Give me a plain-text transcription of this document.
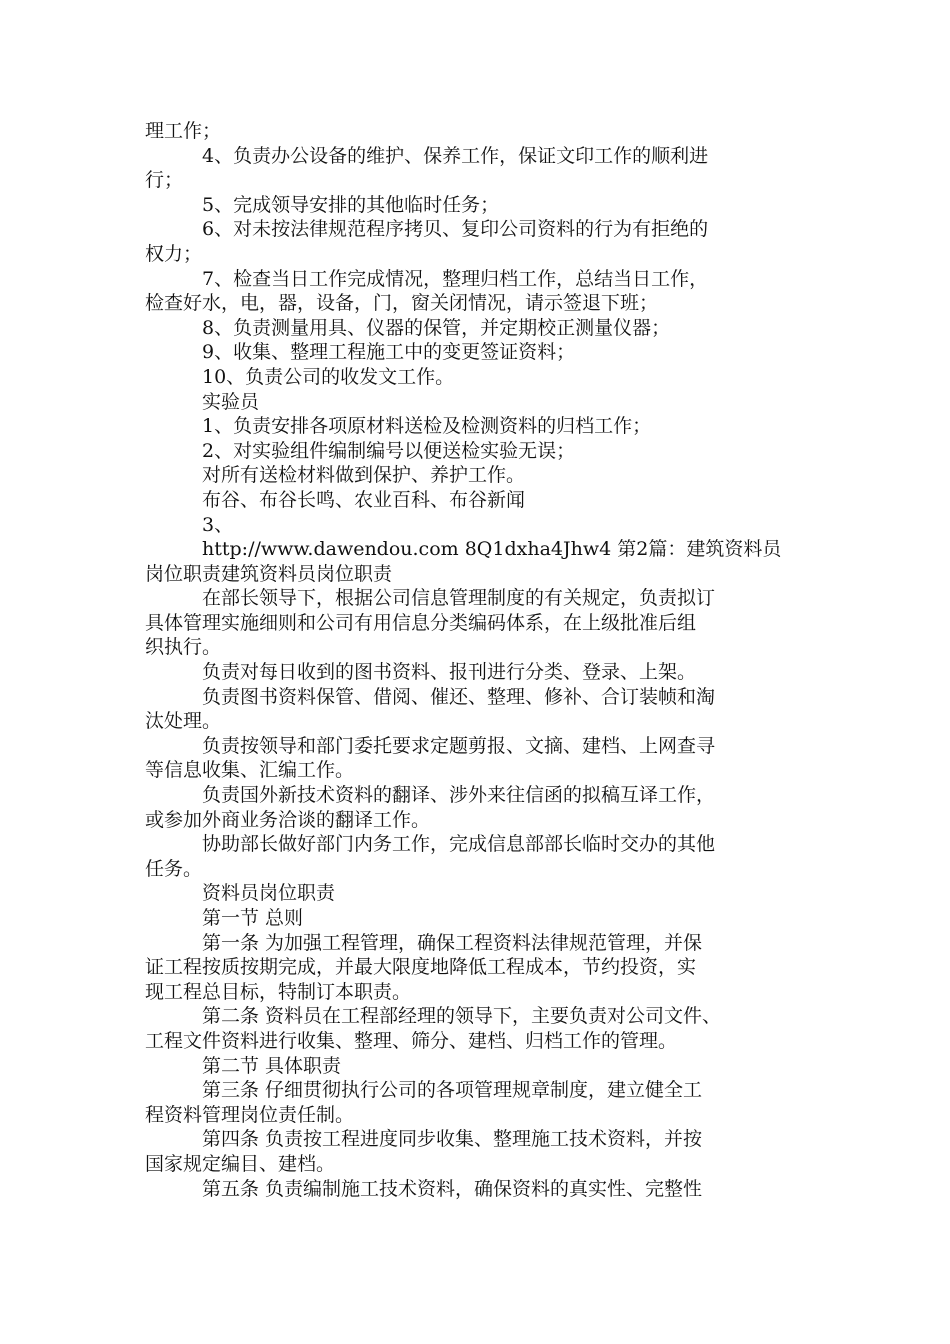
理工作；
4、负责办公设备的维护、保养工作，保证文印工作的顺利进
行；
5、完成领导安排的其他临时任务；
6、对未按法律规范程序拷贝、复印公司资料的行为有拒绝的
权力；
7、检查当日工作完成情况，整理归档工作，总结当日工作，
检查好水，电，器，设备，门，窗关闭情况，请示签退下班；
8、负责测量用具、仪器的保管，并定期校正测量仪器；
9、收集、整理工程施工中的变更签证资料；
10、负责公司的收发文工作。
实验员
1、负责安排各项原材料送检及检测资料的归档工作；
2、对实验组件编制编号以便送检实验无误；
对所有送检材料做到保护、养护工作。
布谷、布谷长鸣、农业百科、布谷新闻
3、
http://www.dawendou.com 8Q1dxha4Jhw4 第2篇：建筑资料员
岗位职责建筑资料员岗位职责
在部长领导下，根据公司信息管理制度的有关规定，负责拟订
具体管理实施细则和公司有用信息分类编码体系，在上级批准后组
织执行。
负责对每日收到的图书资料、报刊进行分类、登录、上架。
负责图书资料保管、借阅、催还、整理、修补、合订装帧和淘
汰处理。
负责按领导和部门委托要求定题剪报、文摘、建档、上网查寻
等信息收集、汇编工作。
负责国外新技术资料的翻译、涉外来往信函的拟稿互译工作，
或参加外商业务洽谈的翻译工作。
协助部长做好部门内务工作，完成信息部部长临时交办的其他
任务。
资料员岗位职责
第一节 总则
第一条 为加强工程管理，确保工程资料法律规范管理，并保
证工程按质按期完成，并最大限度地降低工程成本，节约投资，实
现工程总目标，特制订本职责。
第二条 资料员在工程部经理的领导下，主要负责对公司文件、
工程文件资料进行收集、整理、筛分、建档、归档工作的管理。
第二节 具体职责
第三条 仔细贯彻执行公司的各项管理规章制度，建立健全工
程资料管理岗位责任制。
第四条 负责按工程进度同步收集、整理施工技术资料，并按
国家规定编目、建档。
第五条 负责编制施工技术资料，确保资料的真实性、完整性
